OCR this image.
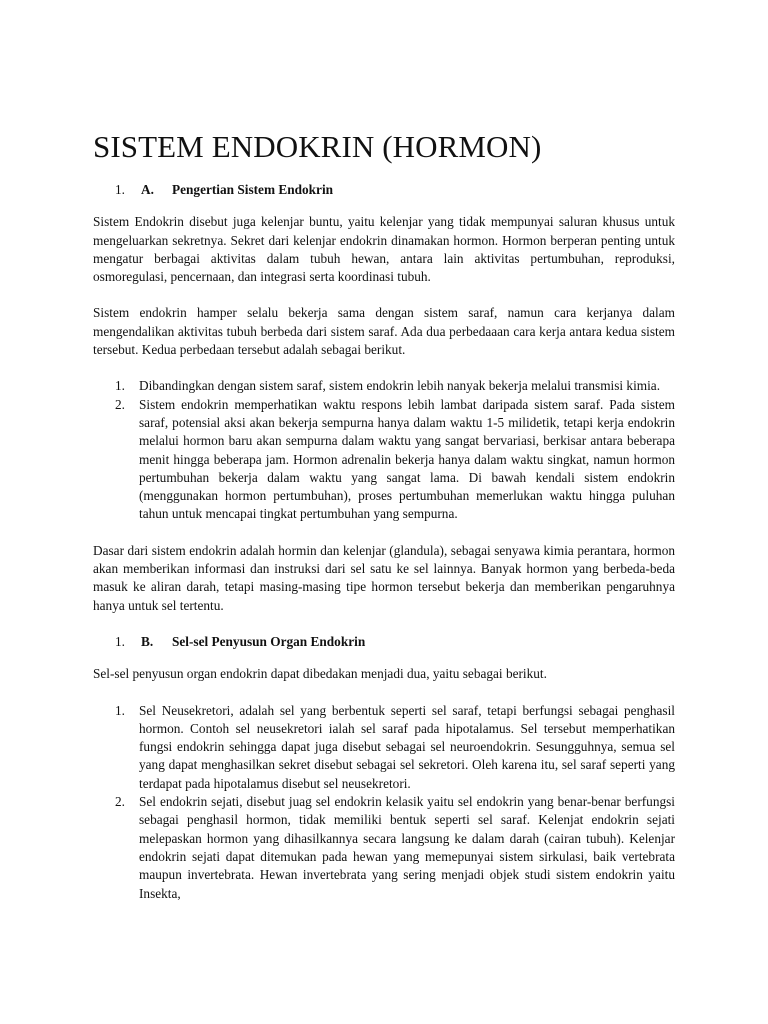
SISTEM ENDOKRIN (HORMON)
1.	A.	Pengertian Sistem Endokrin

Sistem Endokrin disebut juga kelenjar buntu, yaitu kelenjar yang tidak mempunyai saluran khusus untuk mengeluarkan sekretnya. Sekret dari kelenjar endokrin dinamakan hormon. Hormon berperan penting untuk mengatur berbagai aktivitas dalam tubuh hewan, antara lain aktivitas pertumbuhan, reproduksi, osmoregulasi, pencernaan, dan integrasi serta koordinasi tubuh.

Sistem endokrin hamper selalu bekerja sama dengan sistem saraf, namun cara kerjanya dalam mengendalikan aktivitas tubuh berbeda dari sistem saraf. Ada dua perbedaaan cara kerja antara kedua sistem tersebut. Kedua perbedaan tersebut adalah sebagai berikut.

1.	Dibandingkan dengan sistem saraf, sistem endokrin lebih nanyak bekerja melalui transmisi kimia.
2.	Sistem endokrin memperhatikan waktu respons lebih lambat daripada sistem saraf. Pada sistem saraf, potensial aksi akan bekerja sempurna hanya dalam waktu 1-5 milidetik, tetapi kerja endokrin melalui hormon baru akan sempurna dalam waktu yang sangat bervariasi, berkisar antara beberapa menit hingga beberapa jam. Hormon adrenalin bekerja hanya dalam waktu singkat, namun hormon pertumbuhan bekerja dalam waktu yang sangat lama. Di bawah kendali sistem endokrin (menggunakan hormon pertumbuhan), proses pertumbuhan memerlukan waktu hingga puluhan tahun untuk mencapai tingkat pertumbuhan yang sempurna.

Dasar dari sistem endokrin adalah hormin dan kelenjar (glandula), sebagai senyawa kimia perantara, hormon akan memberikan informasi dan instruksi dari sel satu ke sel lainnya. Banyak hormon yang berbeda-beda masuk ke aliran darah, tetapi masing-masing tipe hormon tersebut bekerja dan memberikan pengaruhnya hanya untuk sel tertentu.

1.	B.	Sel-sel Penyusun Organ Endokrin

Sel-sel penyusun organ endokrin dapat dibedakan menjadi dua, yaitu sebagai berikut.

1.	Sel Neusekretori, adalah sel yang berbentuk seperti sel saraf, tetapi berfungsi sebagai penghasil hormon. Contoh sel neusekretori ialah sel saraf pada hipotalamus. Sel tersebut memperhatikan fungsi endokrin sehingga dapat juga disebut sebagai sel neuroendokrin. Sesungguhnya, semua sel yang dapat menghasilkan sekret disebut sebagai sel sekretori. Oleh karena itu, sel saraf seperti yang terdapat pada hipotalamus disebut sel neusekretori.
2.	Sel endokrin sejati, disebut juag sel endokrin kelasik yaitu sel endokrin yang benar-benar berfungsi sebagai penghasil hormon, tidak memiliki bentuk seperti sel saraf. Kelenjat endokrin sejati melepaskan hormon yang dihasilkannya secara langsung ke dalam darah (cairan tubuh). Kelenjar endokrin sejati dapat ditemukan pada hewan yang memepunyai sistem sirkulasi, baik vertebrata maupun invertebrata. Hewan invertebrata yang sering menjadi objek studi sistem endokrin yaitu Insekta,
